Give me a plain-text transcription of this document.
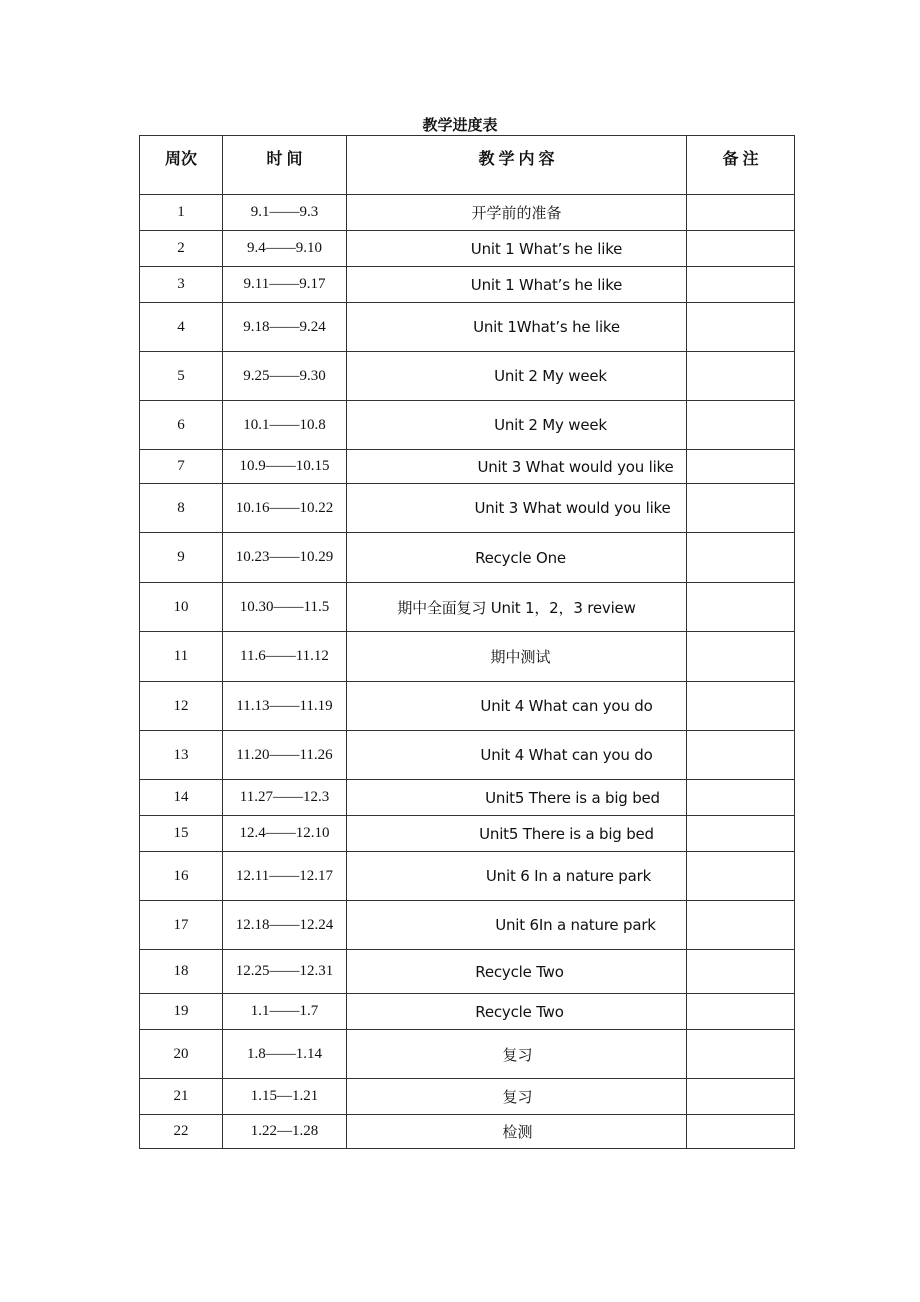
教学进度表
周次	时 间	教 学 内 容	备 注
1	9.1——9.3	开学前的准备	
2	9.4——9.10	Unit 1 What’s he like	
3	9.11——9.17	Unit 1 What’s he like	
4	9.18——9.24	Unit 1What’s he like	
5	9.25——9.30	Unit 2 My week	
6	10.1——10.8	Unit 2 My week	
7	10.9——10.15	Unit 3 What would you like	
8	10.16——10.22	Unit 3 What would you like	
9	10.23——10.29	Recycle One	
10	10.30——11.5	期中全面复习 Unit 1，2，3 review	
11	11.6——11.12	期中测试	
12	11.13——11.19	Unit 4 What can you do	
13	11.20——11.26	Unit 4 What can you do	
14	11.27——12.3	Unit5 There is a big bed	
15	12.4——12.10	Unit5 There is a big bed	
16	12.11——12.17	Unit 6 In a nature park	
17	12.18——12.24	Unit 6In a nature park	
18	12.25——12.31	Recycle Two	
19	1.1——1.7	Recycle Two	
20	1.8——1.14	复习	
21	1.15—1.21	复习	
22	1.22—1.28	检测	
